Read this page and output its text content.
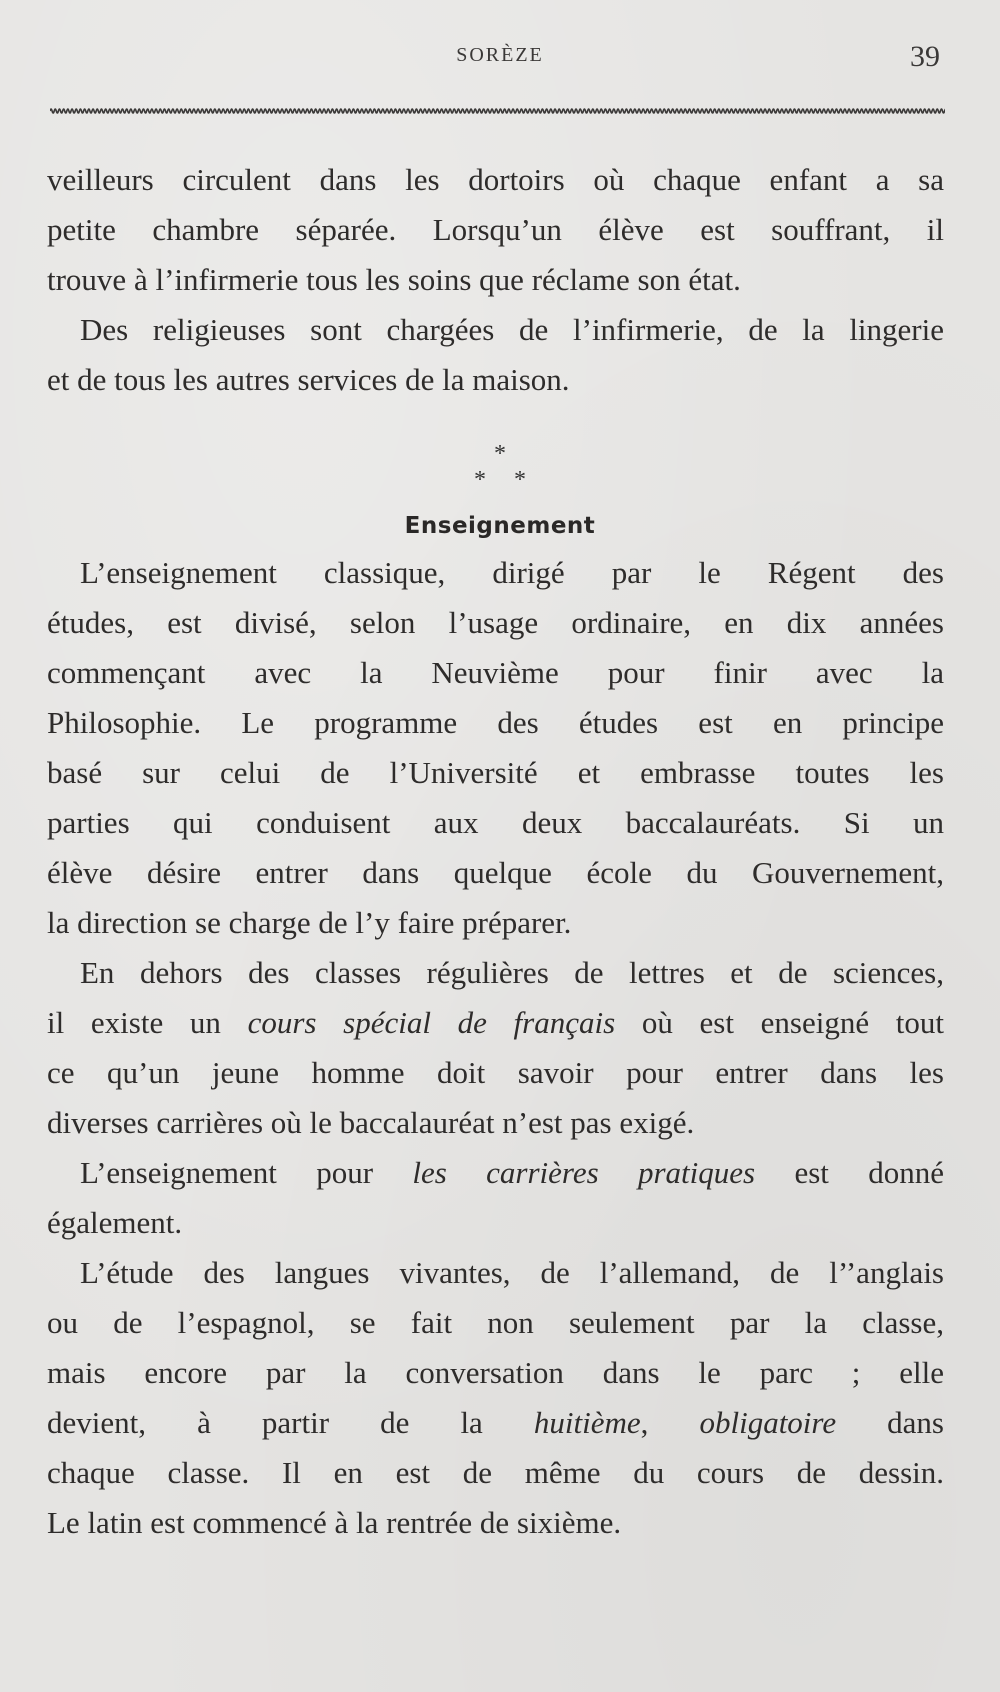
SORÈZE	39
veilleurs circulent dans les dortoirs où chaque enfant a sa
petite chambre séparée. Lorsqu’un élève est souffrant, il
trouve à l’infirmerie tous les soins que réclame son état.
Des religieuses sont chargées de l’infirmerie, de la lingerie
et de tous les autres services de la maison.
*
* *
Enseignement
L’enseignement classique, dirigé par le Régent des
études, est divisé, selon l’usage ordinaire, en dix années
commençant avec la Neuvième pour finir avec la
Philosophie. Le programme des études est en principe
basé sur celui de l’Université et embrasse toutes les
parties qui conduisent aux deux baccalauréats. Si un
élève désire entrer dans quelque école du Gouvernement,
la direction se charge de l’y faire préparer.
En dehors des classes régulières de lettres et de sciences,
il existe un cours spécial de français où est enseigné tout
ce qu’un jeune homme doit savoir pour entrer dans les
diverses carrières où le baccalauréat n’est pas exigé.
L’enseignement pour les carrières pratiques est donné
également.
L’étude des langues vivantes, de l’allemand, de l’’anglais
ou de l’espagnol, se fait non seulement par la classe,
mais encore par la conversation dans le parc ; elle
devient, à partir de la huitième, obligatoire dans
chaque classe. Il en est de même du cours de dessin.
Le latin est commencé à la rentrée de sixième.
